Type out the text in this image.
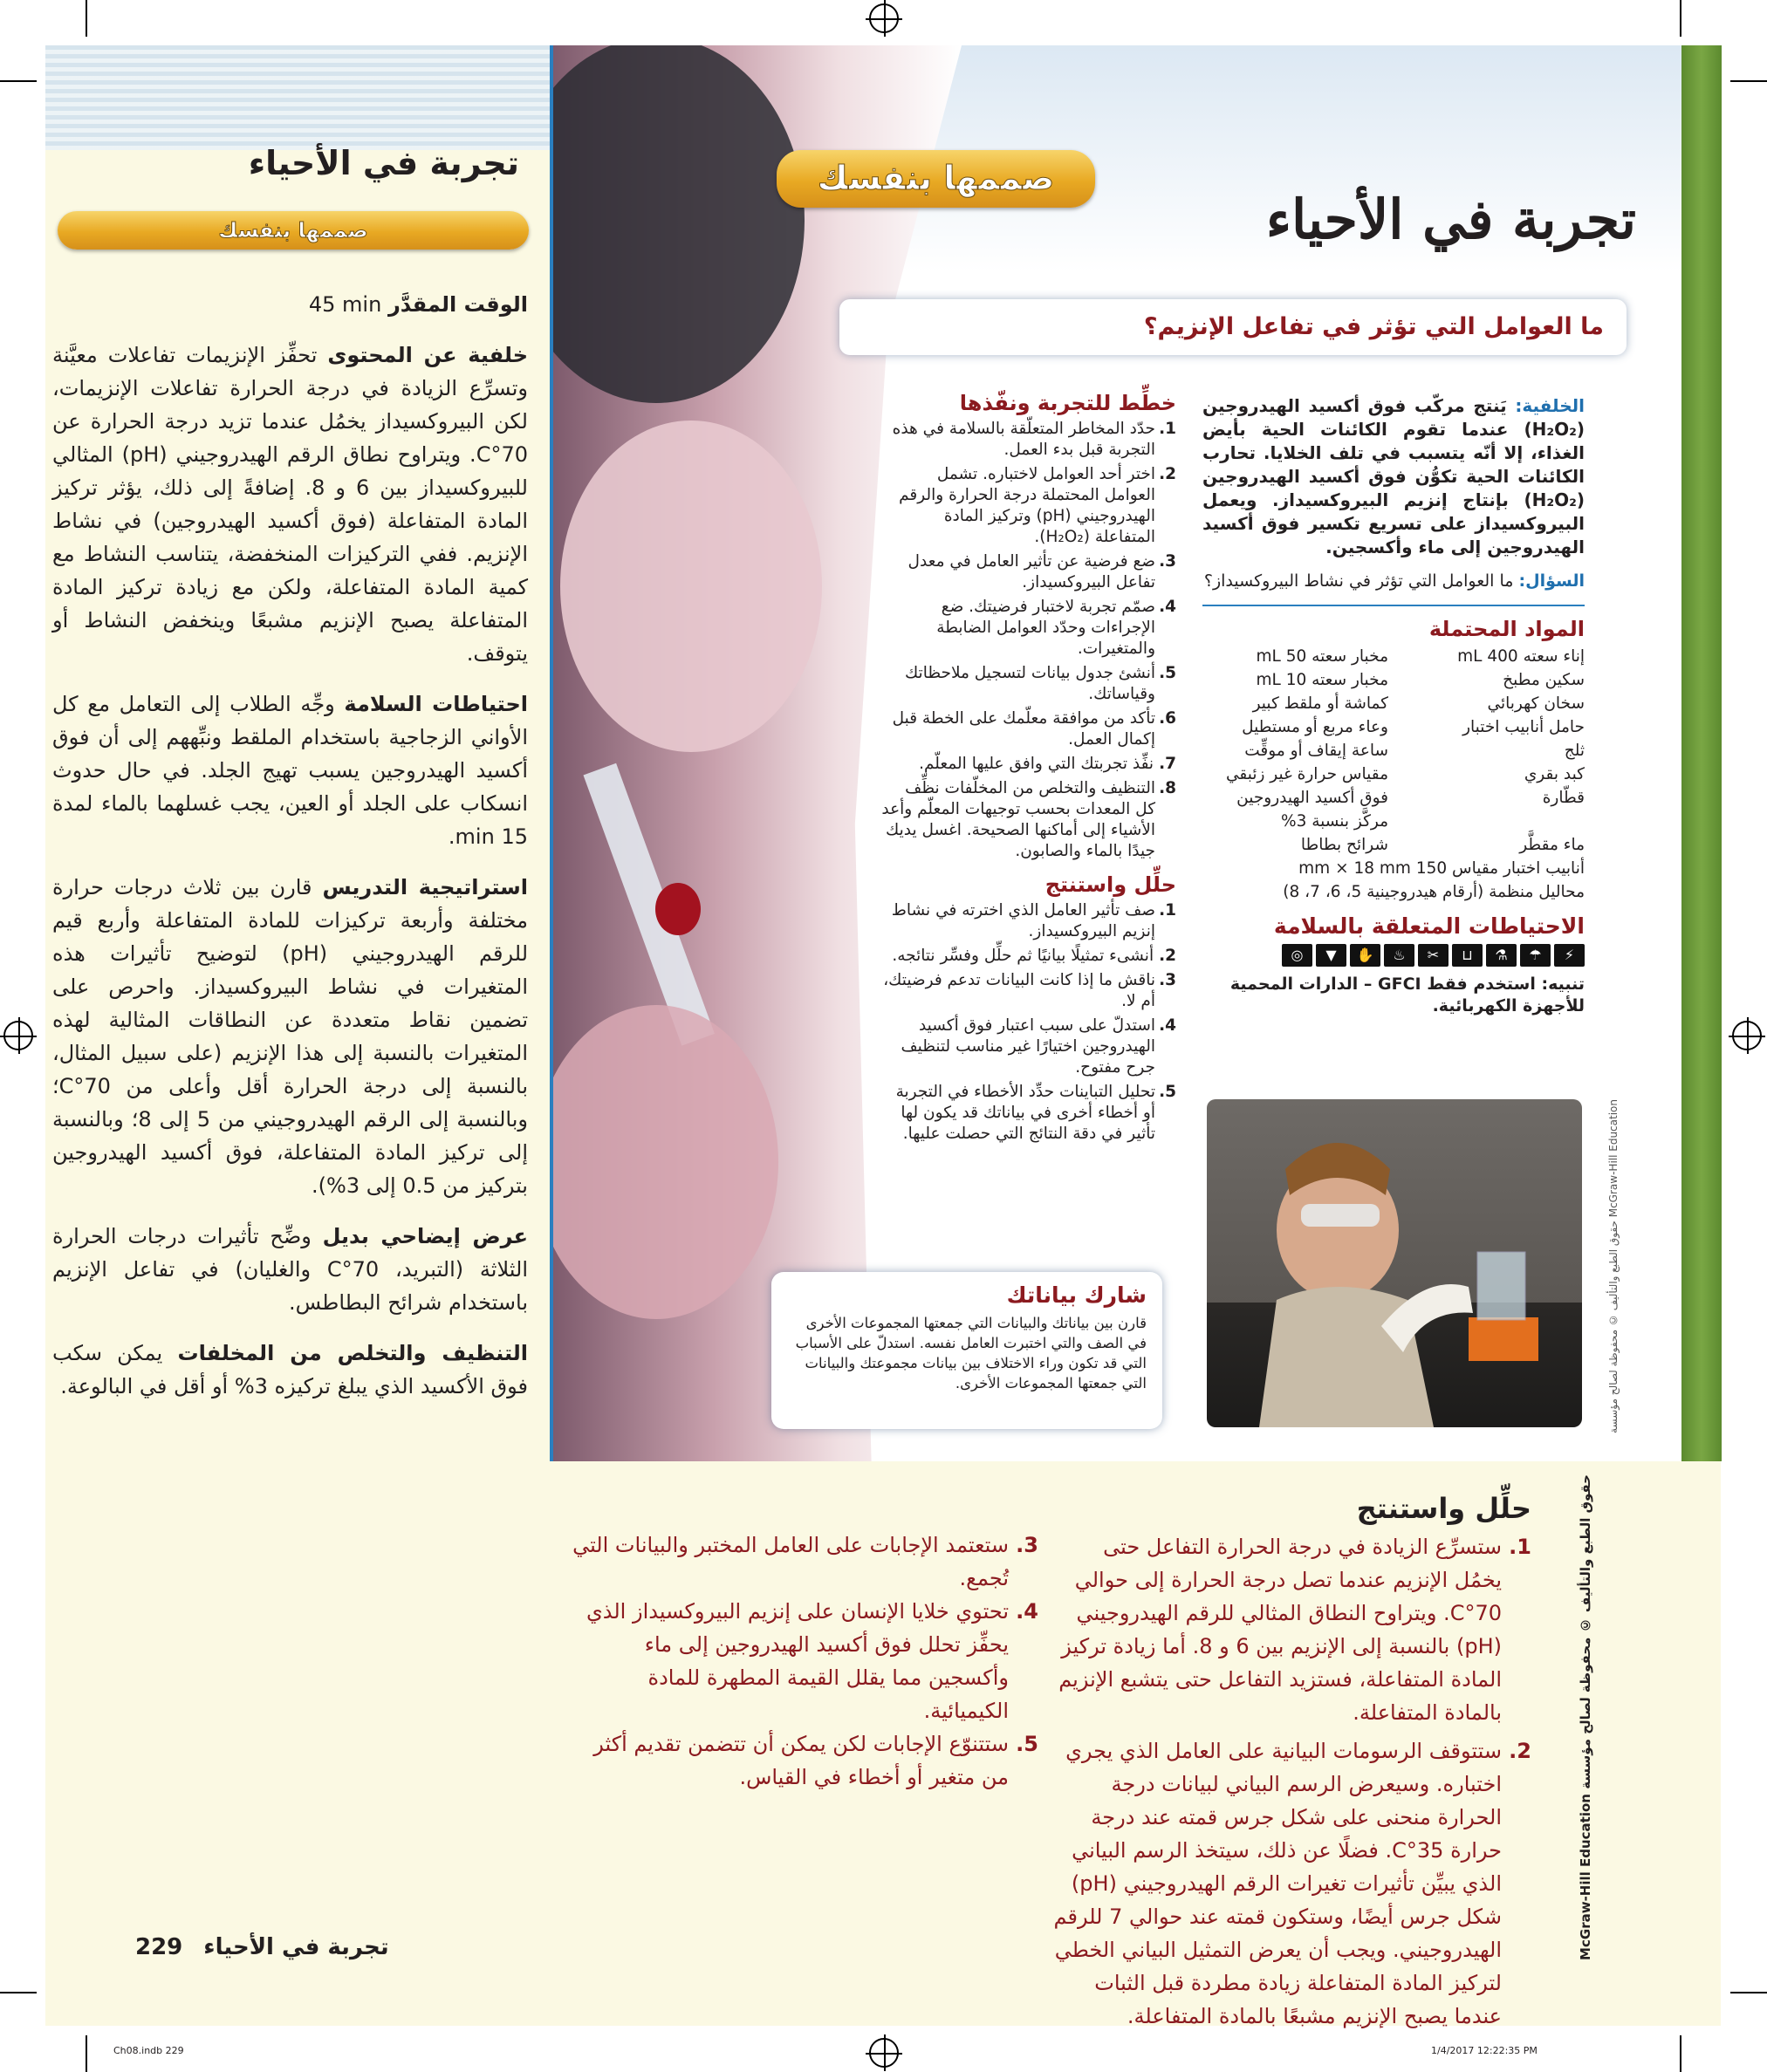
تجربة في الأحياء
صممها بنفسك

الوقت المقدَّر 45 min

خلفية عن المحتوى تحفِّز الإنزيمات تفاعلات معيَّنة وتسرِّع الزيادة في درجة الحرارة تفاعلات الإنزيمات، لكن البيروكسيداز يخمُل عندما تزيد درجة الحرارة عن 70°C. ويتراوح نطاق الرقم الهيدروجيني (pH) المثالي للبيروكسيداز بين 6 و 8. إضافةً إلى ذلك، يؤثر تركيز المادة المتفاعلة (فوق أكسيد الهيدروجين) في نشاط الإنزيم. ففي التركيزات المنخفضة، يتناسب النشاط مع كمية المادة المتفاعلة، ولكن مع زيادة تركيز المادة المتفاعلة يصبح الإنزيم مشبعًا وينخفض النشاط أو يتوقف.

احتياطات السلامة وجِّه الطلاب إلى التعامل مع كل الأواني الزجاجية باستخدام الملقط ونبِّههم إلى أن فوق أكسيد الهيدروجين يسبب تهيج الجلد. في حال حدوث انسكاب على الجلد أو العين، يجب غسلهما بالماء لمدة 15 min.

استراتيجية التدريس قارن بين ثلاث درجات حرارة مختلفة وأربعة تركيزات للمادة المتفاعلة وأربع قيم للرقم الهيدروجيني (pH) لتوضيح تأثيرات هذه المتغيرات في نشاط البيروكسيداز. واحرص على تضمين نقاط متعددة عن النطاقات المثالية لهذه المتغيرات بالنسبة إلى هذا الإنزيم (على سبيل المثال، بالنسبة إلى درجة الحرارة أقل وأعلى من 70°C؛ وبالنسبة إلى الرقم الهيدروجيني من 5 إلى 8؛ وبالنسبة إلى تركيز المادة المتفاعلة، فوق أكسيد الهيدروجين بتركيز من 0.5 إلى 3%).

عرض إيضاحي بديل وضِّح تأثيرات درجات الحرارة الثلاثة (التبريد، 70°C والغليان) في تفاعل الإنزيم باستخدام شرائح البطاطس.

التنظيف والتخلص من المخلفات يمكن سكب فوق الأكسيد الذي يبلغ تركيزه 3% أو أقل في البالوعة.

صممها بنفسك
تجربة في الأحياء
ما العوامل التي تؤثر في تفاعل الإنزيم؟
الخلفية: يَنتج مركّب فوق أكسيد الهيدروجين (H₂O₂) عندما تقوم الكائنات الحية بأيض الغذاء، إلا أنّه يتسبب في تلف الخلايا. تحارب الكائنات الحية تكوُّن فوق أكسيد الهيدروجين (H₂O₂) بإنتاج إنزيم البيروكسيداز. ويعمل البيروكسيداز على تسريع تكسير فوق أكسيد الهيدروجين إلى ماء وأكسجين.
السؤال: ما العوامل التي تؤثر في نشاط البيروكسيداز؟
المواد المحتملة
إناء سعته 400 mL
مخبار سعته 50 mL
سكين مطبخ
مخبار سعته 10 mL
سخان كهربائي
كماشة أو ملقط كبير
حامل أنابيب اختبار
وعاء مربع أو مستطيل
ثلج
ساعة إيقاف أو موقِّت
كبد بقري
مقياس حرارة غير زئبقي
قطّارة
فوق أكسيد الهيدروجين مركَّز بنسبة 3%
ماء مقطَّر
شرائح بطاطا
أنابيب اختبار مقياس 150 mm × 18 mm
محاليل منظمة (أرقام هيدروجينية 5، 6، 7، 8)
الاحتياطات المتعلقة بالسلامة
◎	▼	✋	♨	✂	⊔	⚗	☂	⚡
تنبيه: استخدم فقط GFCI – الدارات المحمية للأجهزة الكهربائية.
خطِّط للتجربة ونفّذها
1.
حدّد المخاطر المتعلّقة بالسلامة في هذه التجربة قبل بدء العمل.
2.
اختر أحد العوامل لاختباره. تشمل العوامل المحتملة درجة الحرارة والرقم الهيدروجيني (pH) وتركيز المادة المتفاعلة (H₂O₂).
3.
ضع فرضية عن تأثير العامل في معدل تفاعل البيروكسيداز.
4.
صمّم تجربة لاختبار فرضيتك. ضع الإجراءات وحدّد العوامل الضابطة والمتغيرات.
5.
أنشئ جدول بيانات لتسجيل ملاحظاتك وقياساتك.
6.
تأكد من موافقة معلّمك على الخطة قبل إكمال العمل.
7.
نفِّذ تجربتك التي وافق عليها المعلّم.
8.
التنظيف والتخلص من المخلّفات نظِّف كل المعدات بحسب توجيهات المعلّم وأعد الأشياء إلى أماكنها الصحيحة. اغسل يديك جيدًا بالماء والصابون.
حلِّل واستنتج
1.
صف تأثير العامل الذي اخترته في نشاط إنزيم البيروكسيداز.
2.
أنشىء تمثيلًا بيانيًا ثم حلِّل وفسِّر نتائجه.
3.
ناقش ما إذا كانت البيانات تدعم فرضيتك، أم لا.
4.
استدلّ على سبب اعتبار فوق أكسيد الهيدروجين اختيارًا غير مناسب لتنظيف جرح مفتوح.
5.
تحليل التباينات حدِّد الأخطاء في التجربة أو أخطاء أخرى في بياناتك قد يكون لها تأثير في دقة النتائج التي حصلت عليها.
حقوق الطبع والتأليف © محفوظة لصالح مؤسسة McGraw-Hill Education
شارك بياناتك

قارن بين بياناتك والبيانات التي جمعتها المجموعات الأخرى في الصف والتي اختبرت العامل نفسه. استدلّ على الأسباب التي قد تكون وراء الاختلاف بين بيانات مجموعتك والبيانات التي جمعتها المجموعات الأخرى.

حلِّل واستنتج
1.
ستسرِّع الزيادة في درجة الحرارة التفاعل حتى يخمُل الإنزيم عندما تصل درجة الحرارة إلى حوالي 70°C. ويتراوح النطاق المثالي للرقم الهيدروجيني (pH) بالنسبة إلى الإنزيم بين 6 و 8. أما زيادة تركيز المادة المتفاعلة، فستزيد التفاعل حتى يتشبع الإنزيم بالمادة المتفاعلة.
2.
ستتوقف الرسومات البيانية على العامل الذي يجري اختباره. وسيعرض الرسم البياني لبيانات درجة الحرارة منحنى على شكل جرس قمته عند درجة حرارة 35°C. فضلًا عن ذلك، سيتخذ الرسم البياني الذي يبيِّن تأثيرات تغيرات الرقم الهيدروجيني (pH) شكل جرس أيضًا، وستكون قمته عند حوالي 7 للرقم الهيدروجيني. ويجب أن يعرض التمثيل البياني الخطي لتركيز المادة المتفاعلة زيادة مطردة قبل الثبات عندما يصبح الإنزيم مشبعًا بالمادة المتفاعلة.
3.
ستعتمد الإجابات على العامل المختبر والبيانات التي تُجمع.
4.
تحتوي خلايا الإنسان على إنزيم البيروكسيداز الذي يحفِّز تحلل فوق أكسيد الهيدروجين إلى ماء وأكسجين مما يقلل القيمة المطهرة للمادة الكيميائية.
5.
ستتنوّع الإجابات لكن يمكن أن تتضمن تقديم أكثر من متغير أو أخطاء في القياس.
حقوق الطبع والتأليف © محفوظة لصالح مؤسسة McGraw-Hill Education
229 تجربة في الأحياء
Ch08.indb 229	1/4/2017 12:22:35 PM
